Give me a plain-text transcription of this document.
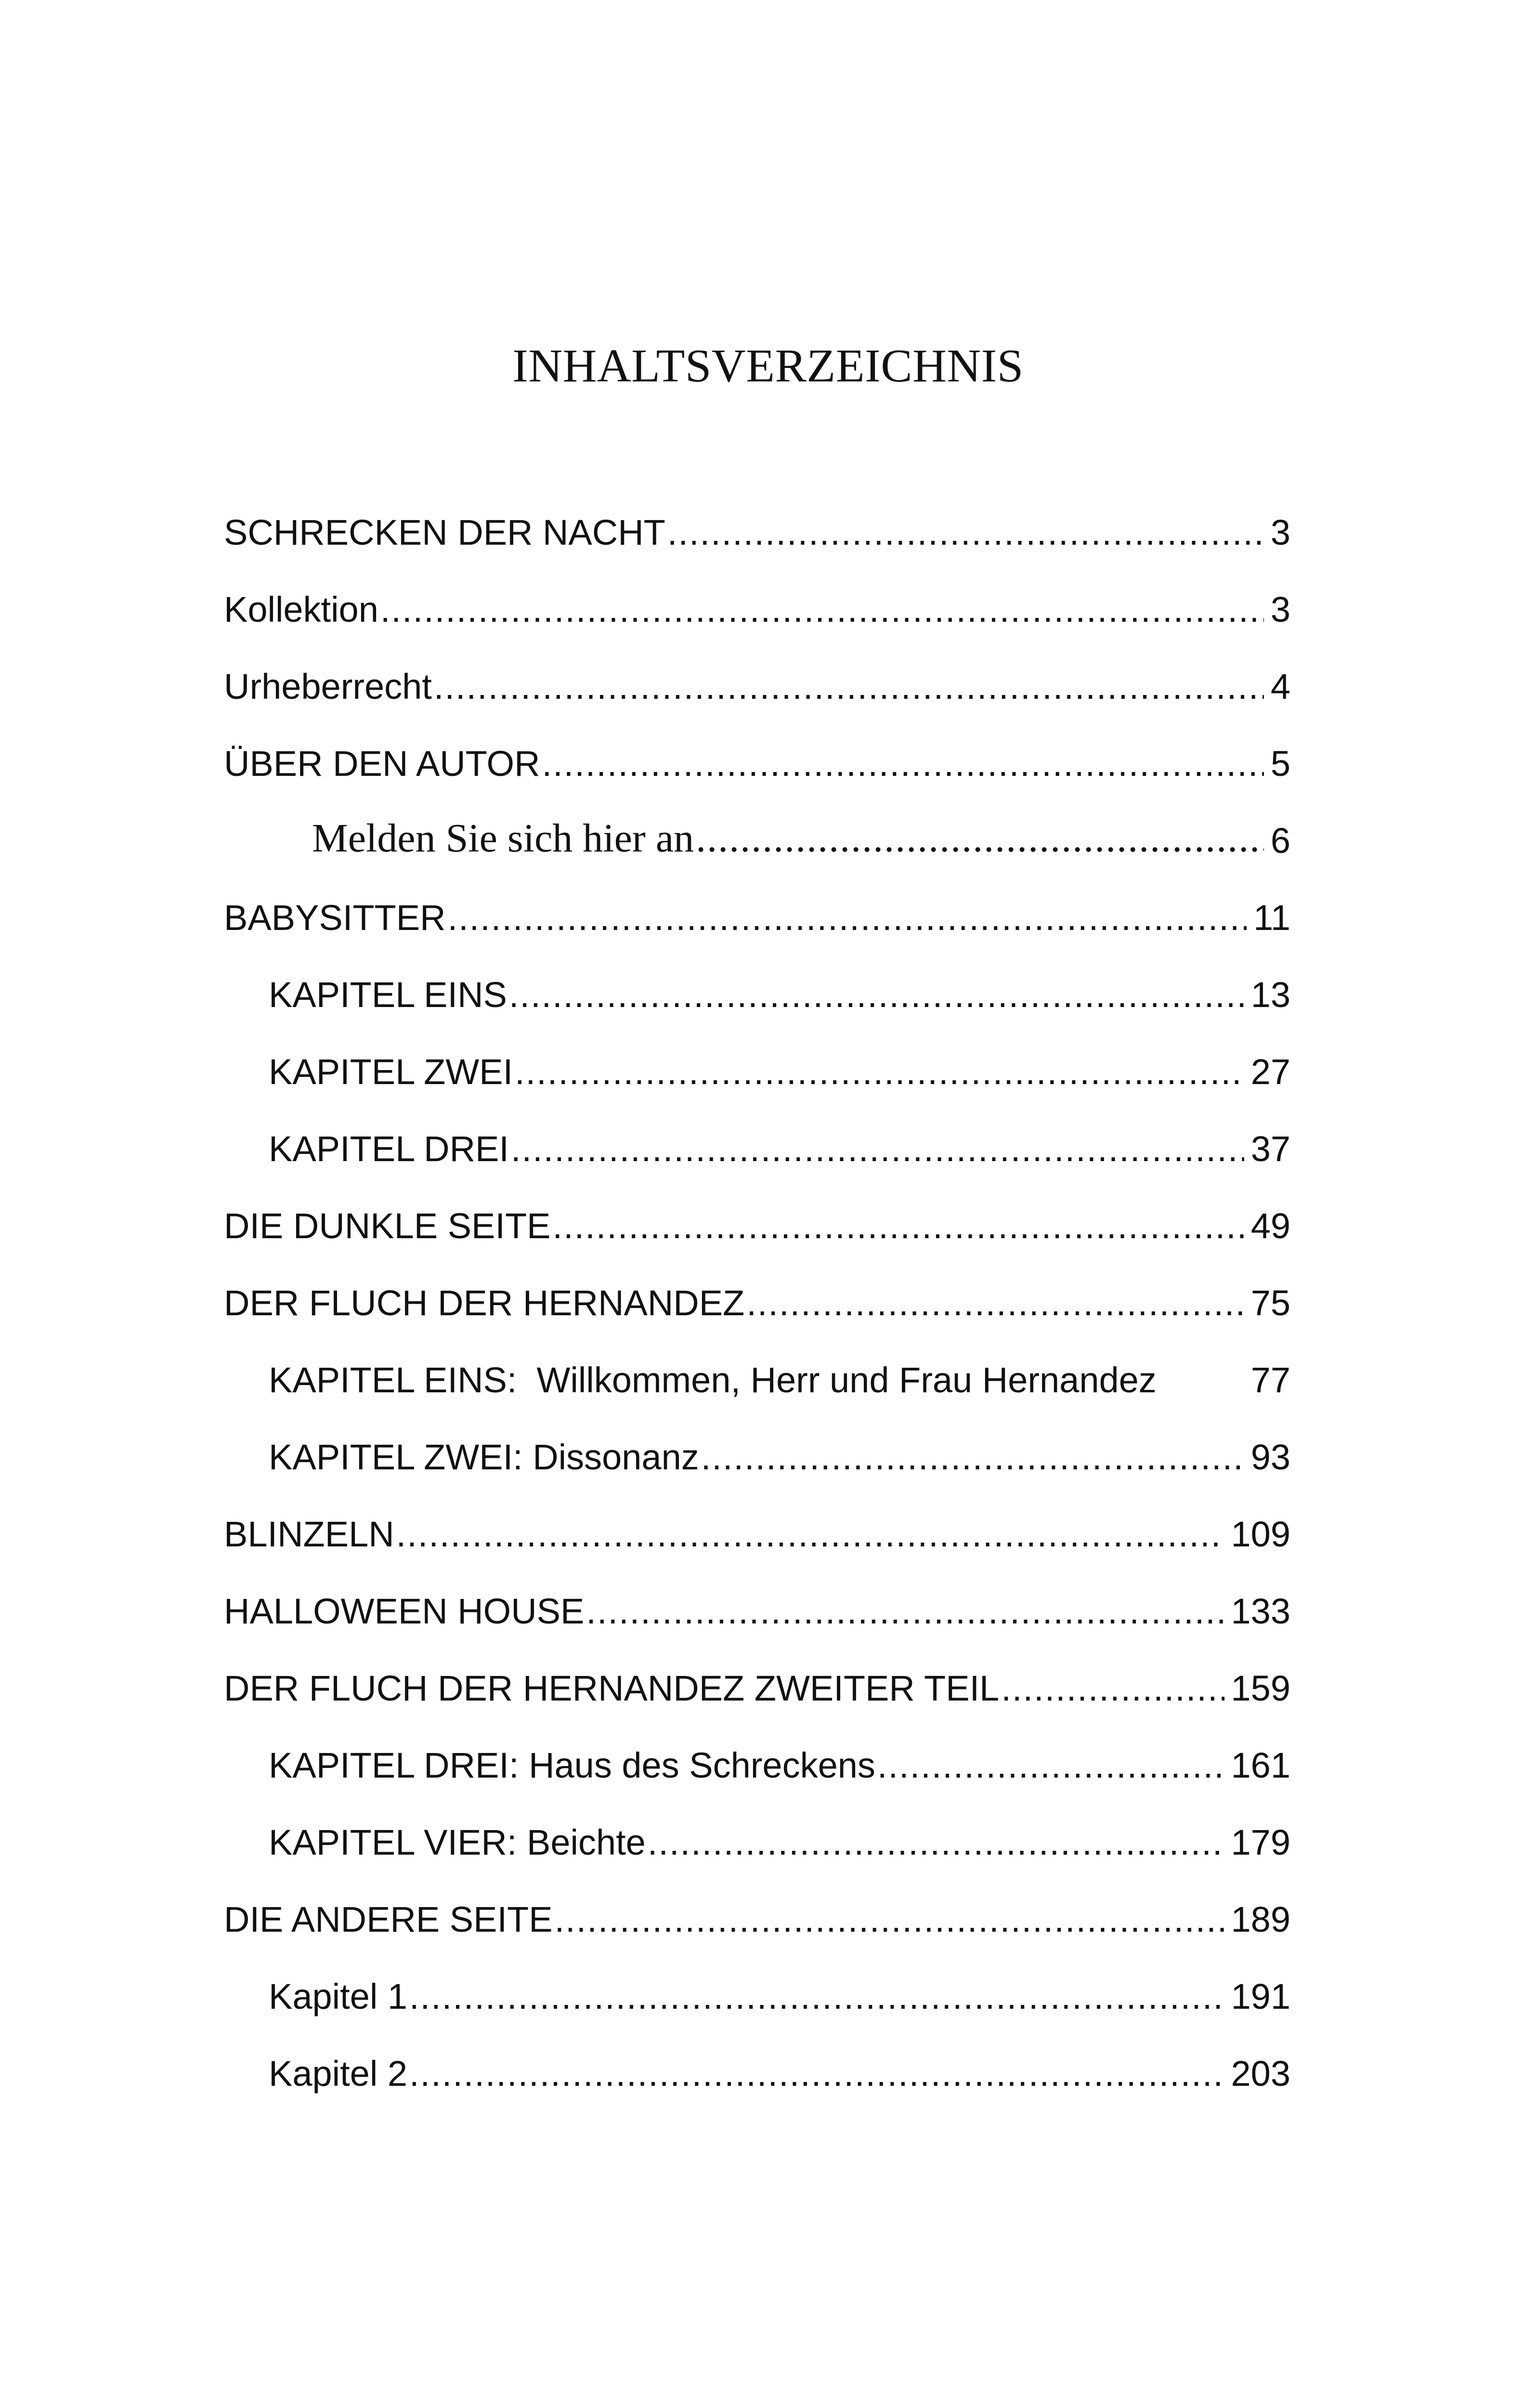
INHALTSVERZEICHNIS
SCHRECKEN DER NACHT .....	3
Kollektion .....	3
Urheberrecht .....	4
ÜBER DEN AUTOR .....	5
Melden Sie sich hier an .....	6
BABYSITTER .....	11
KAPITEL EINS .....	13
KAPITEL ZWEI .....	27
KAPITEL DREI .....	37
DIE DUNKLE SEITE .....	49
DER FLUCH DER HERNANDEZ .....	75
KAPITEL EINS:  Willkommen, Herr und Frau Hernandez	77
KAPITEL ZWEI: Dissonanz .....	93
BLINZELN .....	109
HALLOWEEN HOUSE .....	133
DER FLUCH DER HERNANDEZ ZWEITER TEIL .....	159
KAPITEL DREI: Haus des Schreckens .....	161
KAPITEL VIER: Beichte .....	179
DIE ANDERE SEITE .....	189
Kapitel 1 .....	191
Kapitel 2 .....	203
